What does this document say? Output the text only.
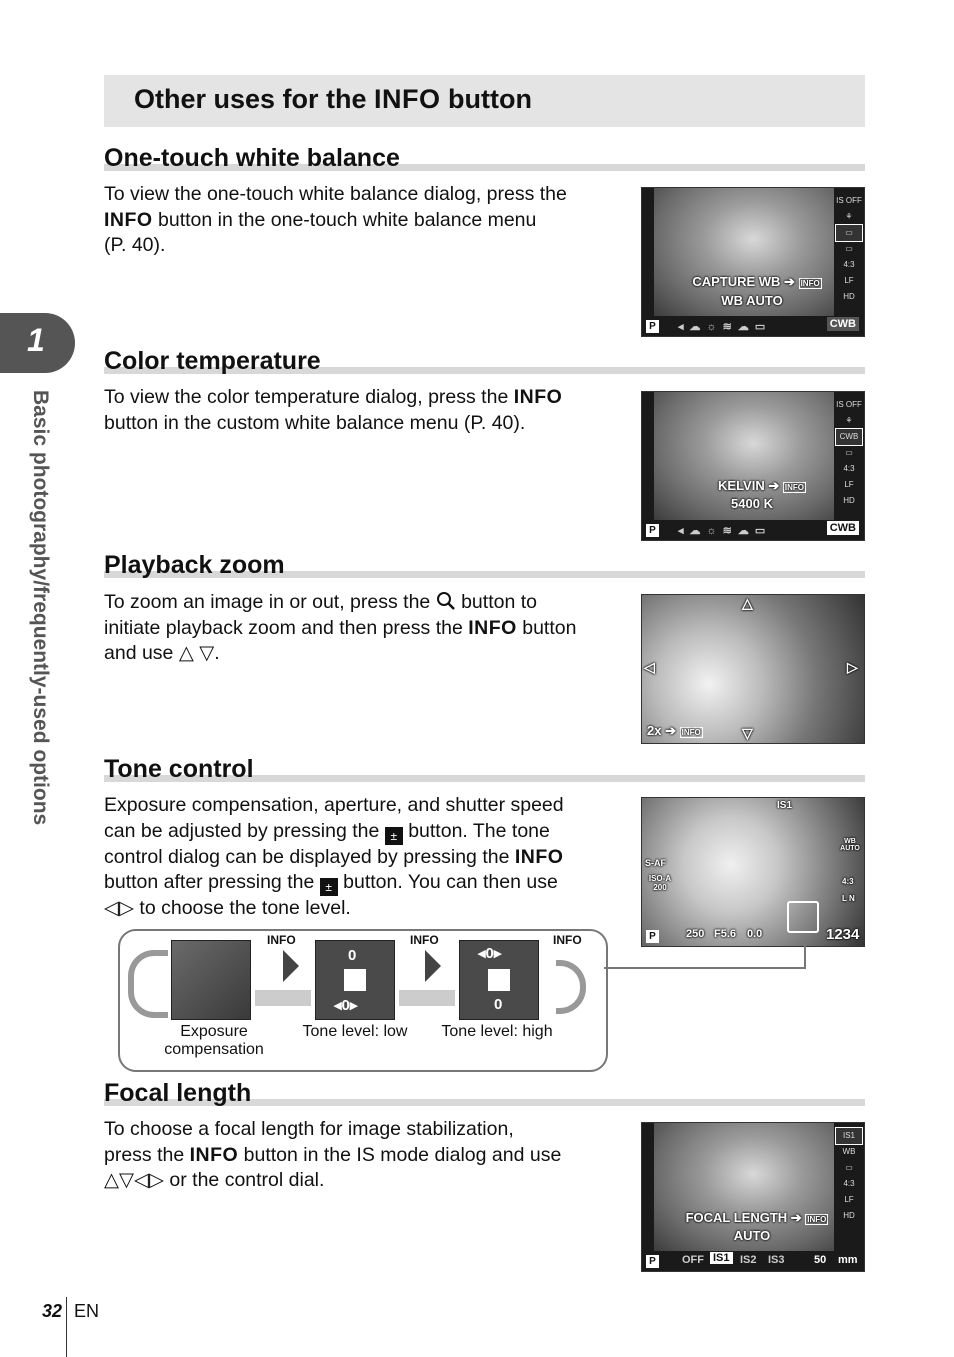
1
Basic photography/frequently-used options
Other uses for the INFO button
One-touch white balance
To view the one-touch white balance dialog, press the
INFO button in the one-touch white balance menu
(P. 40).
IS OFF
⚘
▭
▭
4:3
LF
HD
CAPTURE WB ➔ INFO
WB AUTO
P ◂☁☼≋☁▭	CWB
Color temperature
To view the color temperature dialog, press the INFO
button in the custom white balance menu (P. 40).
IS OFF
⚘
CWB
▭
4:3
LF
HD
KELVIN ➔ INFO
5400 K
P ◂☁☼≋☁▭	CWB
Playback zoom
To zoom an image in or out, press the  button to
initiate playback zoom and then press the INFO button
and use △ ▽.
△
▽
◁	▷
2x ➔ INFO
Tone control
Exposure compensation, aperture, and shutter speed
can be adjusted by pressing the ± button. The tone
control dialog can be displayed by pressing the INFO
button after pressing the ± button. You can then use
◁▷ to choose the tone level.
IS1
S-AF
ISO-A 200
WB AUTO
4:3
L N
P	250 F5.6 0.0	1234
INFO	INFO	INFO
0
◂0▸
◂0▸
0
Exposure
compensation
Tone level: low	Tone level: high
Focal length
To choose a focal length for image stabilization,
press the INFO button in the IS mode dialog and use
△▽◁▷ or the control dial.
IS1
WB
▭
4:3
LF
HD
FOCAL LENGTH ➔ INFO
AUTO
P OFF IS1 IS2 IS3	50 mm
32 EN
